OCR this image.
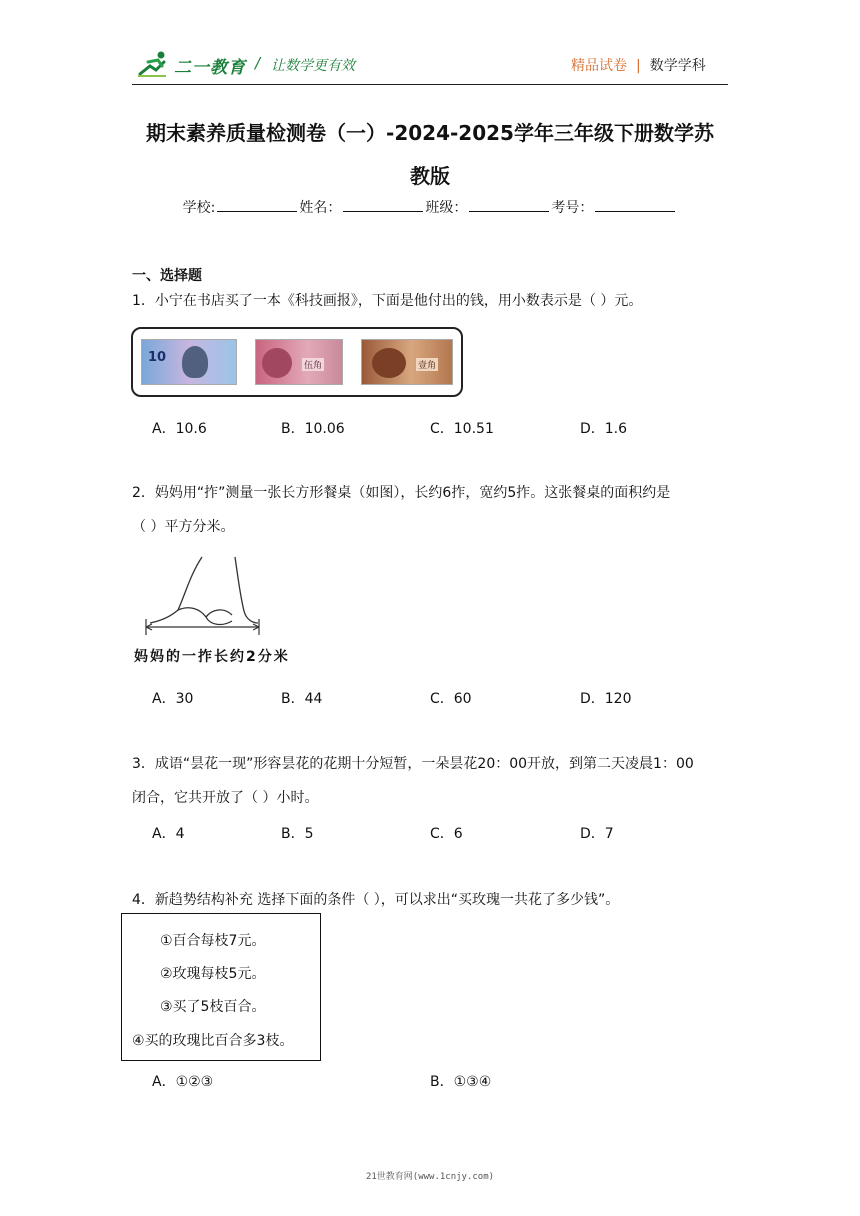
二一教育 / 让数学更有效	精品试卷 | 数学学科
期末素养质量检测卷（一）-2024-2025学年三年级下册数学苏
教版
学校:	姓名：	班级：	考号：
一、选择题
1．小宁在书店买了一本《科技画报》，下面是他付出的钱，用小数表示是（ ）元。
10
伍角	壹角
A．10.6	B．10.06	C．10.51	D．1.6
2．妈妈用“拃”测量一张长方形餐桌（如图），长约6拃，宽约5拃。这张餐桌的面积约是
（ ）平方分米。
妈妈的一拃长约2分米
A．30	B．44	C．60	D．120
3．成语“昙花一现”形容昙花的花期十分短暂，一朵昙花20：00开放，到第二天凌晨1：00
闭合，它共开放了（ ）小时。
A．4	B．5	C．6	D．7
4．新趋势结构补充 选择下面的条件（ ），可以求出“买玫瑰一共花了多少钱”。
①百合每枝7元。
②玫瑰每枝5元。
③买了5枝百合。
④买的玫瑰比百合多3枝。
A．①②③	B．①③④
21世教育网(www.1cnjy.com)
